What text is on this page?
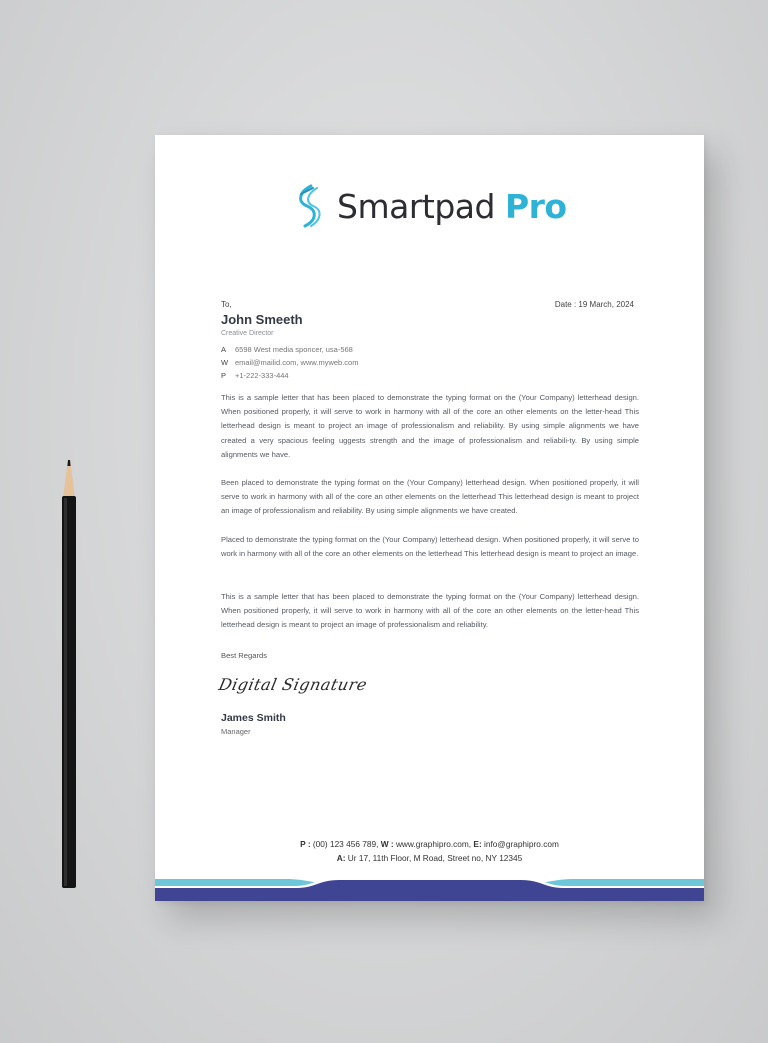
Smartpad Pro
To,	Date : 19 March, 2024
John Smeeth
Creative Director
A 6598 West media sponcer, usa-568
W email@mailid.com, www.myweb.com
P +1-222-333-444

This is a sample letter that has been placed to demonstrate the typing format on the (Your Company) letterhead design. When positioned properly, it will serve to work in harmony with all of the core an other elements on the letter-head This letterhead design is meant to project an image of professionalism and reliability. By using simple alignments we have created a very spacious feeling uggests strength and the image of professionalism and reliabili-ty. By using simple alignments we have.

Been placed to demonstrate the typing format on the (Your Company) letterhead design. When positioned properly, it will serve to work in harmony with all of the core an other elements on the letterhead This letterhead design is meant to project an image of professionalism and reliability. By using simple alignments we have created.

Placed to demonstrate the typing format on the (Your Company) letterhead design. When positioned properly, it will serve to work in harmony with all of the core an other elements on the letterhead This letterhead design is meant to project an image.

This is a sample letter that has been placed to demonstrate the typing format on the (Your Company) letterhead design. When positioned properly, it will serve to work in harmony with all of the core an other elements on the letter-head This letterhead design is meant to project an image of professionalism and reliability.

Best Regards
Digital Signature
James Smith
Manager
P : (00) 123 456 789, W : www.graphipro.com, E: info@graphipro.com
A: Ur 17, 11th Floor, M Road, Street no, NY 12345
